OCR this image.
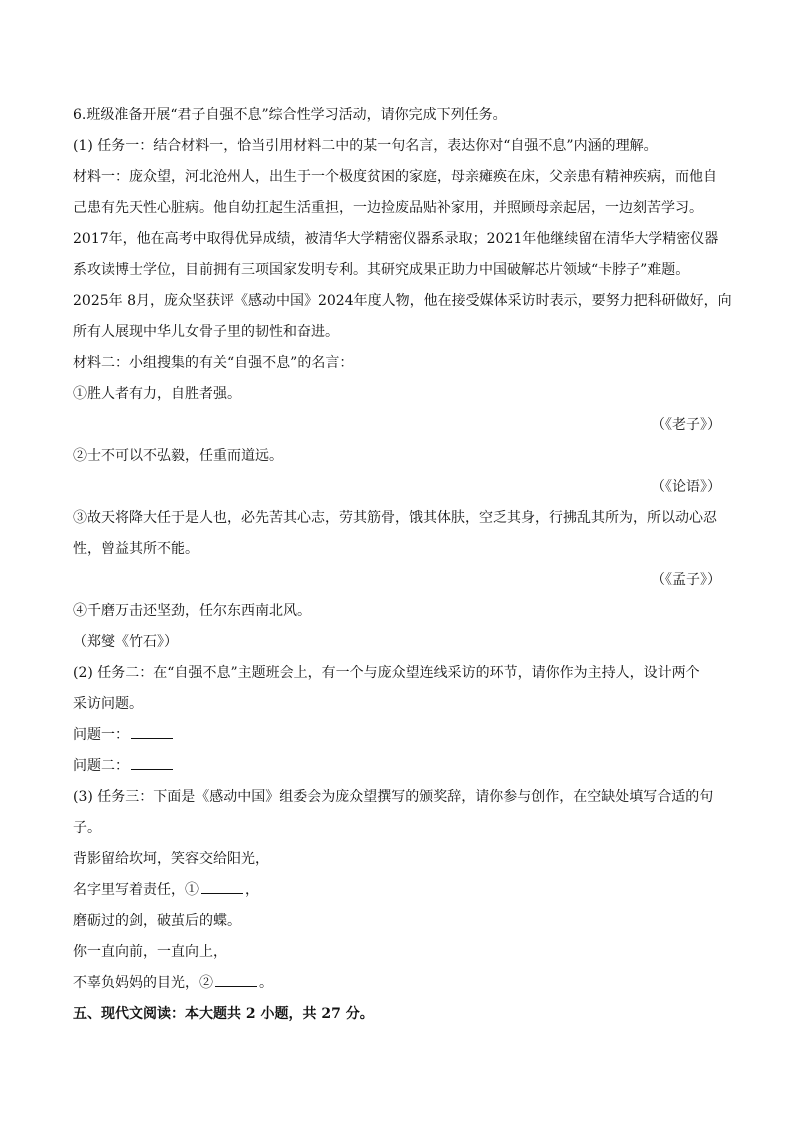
6.班级准备开展“君子自强不息”综合性学习活动，请你完成下列任务。
(1) 任务一：结合材料一，恰当引用材料二中的某一句名言，表达你对“自强不息”内涵的理解。
材料一：庞众望，河北沧州人，出生于一个极度贫困的家庭，母亲瘫痪在床，父亲患有精神疾病，而他自
己患有先天性心脏病。他自幼扛起生活重担，一边捡废品贴补家用，并照顾母亲起居，一边刻苦学习。
2017年，他在高考中取得优异成绩，被清华大学精密仪器系录取；2021年他继续留在清华大学精密仪器
系攻读博士学位，目前拥有三项国家发明专利。其研究成果正助力中国破解芯片领域“卡脖子”难题。
2025年 8月，庞众坚获评《感动中国》2024年度人物，他在接受媒体采访时表示，要努力把科研做好，向
所有人展现中华儿女骨子里的韧性和奋进。
材料二：小组搜集的有关“自强不息”的名言：
①胜人者有力，自胜者强。
（《老子》）
②士不可以不弘毅，任重而道远。
（《论语》）
③故天将降大任于是人也，必先苦其心志，劳其筋骨，饿其体肤，空乏其身，行拂乱其所为，所以动心忍
性，曾益其所不能。
（《孟子》）
④千磨万击还坚劲，任尔东西南北风。
（郑燮《竹石》）
(2) 任务二：在“自强不息”主题班会上，有一个与庞众望连线采访的环节，请你作为主持人，设计两个
采访问题。
问题一：
问题二：
(3) 任务三：下面是《感动中国》组委会为庞众望撰写的颁奖辞，请你参与创作，在空缺处填写合适的句
子。
背影留给坎坷，笑容交给阳光，
名字里写着责任，①	，
磨砺过的剑，破茧后的蝶。
你一直向前，一直向上，
不辜负妈妈的目光，②	。
五、现代文阅读：本大题共 2 小题，共 27 分。
